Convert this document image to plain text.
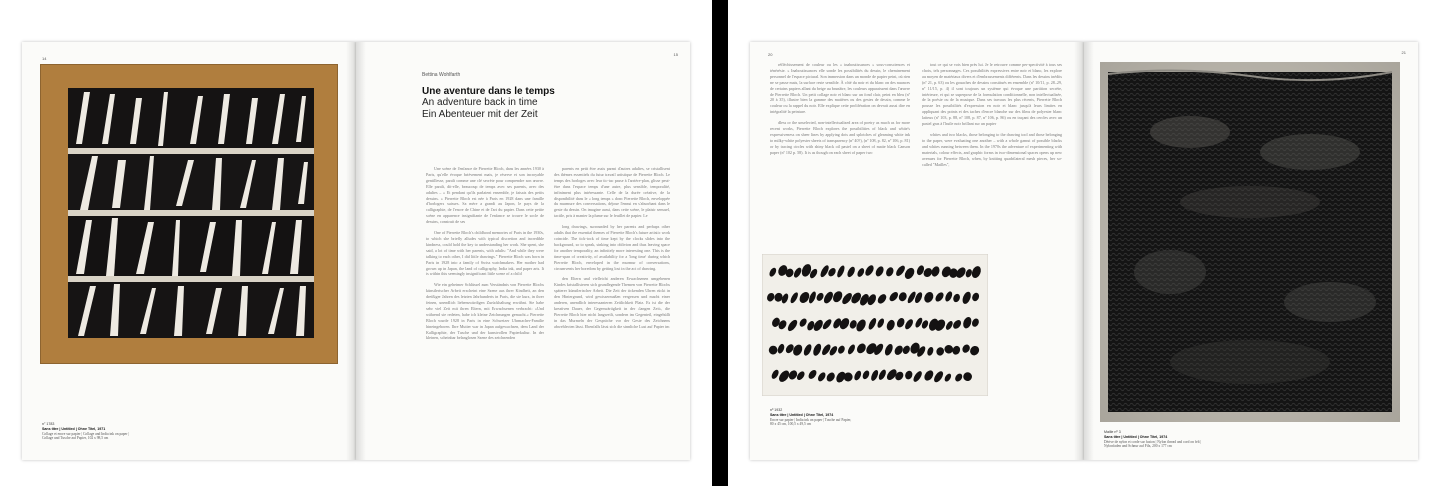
14
n° 1783
Sans titre | Untitled | Ohne Titel, 1971
Collage et encre sur papier | Collage and India ink on paper |
Collage und Tusche auf Papier, 102 x 98,5 cm
15
Bettina Wohlfarth
Une aventure dans le temps
An adventure back in time
Ein Abenteuer mit der Zeit

Une scène de l'enfance de Pierrette Bloch, dans les années 1930 à Paris, qu'elle évoque brièvement mais, je réserve et son incroyable gentillesse, paraît comme une clé secrète pour comprendre son œuvre. Elle paraît, dit-elle, beaucoup de temps avec ses parents, avec des adultes – « Et pendant qu'ils parlaient ensemble, je faisais des petits dessins. » Pierrette Bloch est née à Paris en 1928 dans une famille d'horlogers suisses. Sa mère a grandi au Japon, le pays de la calligraphie, de l'encre de Chine et de l'art du papier. Dans cette petite scène en apparence insignifiante de l'enfance se trouve le socle de dessins, construit de ses

One of Pierrette Bloch's childhood memories of Paris in the 1930s, to which she briefly alludes with typical discretion and incredible kindness, could hold the key to understanding her work. She spent, she said, a lot of time with her parents, with adults: "And while they were talking to each other, I did little drawings." Pierrette Bloch was born in Paris in 1928 into a family of Swiss watchmakers. Her mother had grown up in Japan, the land of calligraphy, India ink, and paper arts. It is within this seemingly insignificant little scene of a child

Wie ein geheimer Schlüssel zum Verständnis von Pierrette Blochs künstlerischer Arbeit erscheint eine Szene aus ihrer Kindheit, an den dreißiger Jahren des letzten Jahrhunderts in Paris, die sie kurz, in ihrer feinen, unendlich liebenswürdigen Zurückhaltung erwähnt. Sie habe sehr viel Zeit mit ihren Eltern, mit Erwachsenen verbracht: »Und während sie redeten, habe ich kleine Zeichnungen gemacht.« Pierrette Bloch wurde 1928 in Paris in eine Schweizer Uhrmacher-Familie hineingeboren. Ihre Mutter war in Japan aufgewachsen, dem Land der Kalligraphie, der Tusche und der kunstvollen Papierkultur. In der kleinen, scheinbar belanglosen Szene des zeichnenden

parents en petit être assis parmi d'autres adultes, se cristallisent des thèmes essentiels du futur travail artistique de Pierrette Bloch. Le temps des horloges avec leur tic-tac passe à l'arrière-plan, glisse peut-être dans l'espace temps d'une autre, plus sensible, temporalité, infiniment plus intéressante. Celle de la durée créative, de la disponibilité dans le « long temps » donc Pierrette Bloch, enveloppée du murmure des conversations, déjoue l'ennui en s'absorbant dans le geste du dessin. On imagine aussi, dans cette scène, le plaisir sensuel, tactile, pris à manier la plume sur le feuillet de papier. Le

long drawings, surrounded by her parents and perhaps other adults that the essential themes of Pierrette Bloch's future artistic work coincide. The tick-tock of time kept by the clocks slides into the background, so to speak, sinking into oblivion and thus leaving space for another temporality, an infinitely more interesting one. This is the time-span of creativity, of availability for a 'long time' during which Pierrette Bloch, enveloped in the murmur of conversations, circumvents her boredom by getting lost in the act of drawing.

den Eltern und vielleicht anderen Erwachsenen umgebenen Kindes kristallisieren sich grundlegende Themen von Pierrette Blochs späterer künstlerischer Arbeit. Die Zeit der tickenden Uhren rückt in den Hintergrund, wird gewissermaßen vergessen und macht einer anderen, unendlich interessanteren Zeitlichkeit Platz. Es ist die der kreativen Dauer, der Gegenwärtigkeit in der ›langen Zeit‹, die Pierrette Bloch hier nicht langweilt, sondern im Gegenteil, eingehüllt in das Murmeln der Gespräche vor der Geste des Zeichnens abwehlecten lässt. Ebenfalls lässt sich die sinnliche Lust auf Papier im

20

réfléchissement de couleur ou les « inaboutissances » sous-consciences et ténérésie. » Inaboutissances elle sonde les possibilités du dessin, le cheminement personnel de l'espace pictural. Son immersion dans un monde de papier peint, où rien ne se passe mais, la surface reste sensible. À côté du noir et du blanc on des nuances de certains papiers allant du beige au brunâtre, les couleurs apparaissent dans l'œuvre de Pierrette Bloch. Un petit collage noir et blanc sur un fond clair, peint en bleu (nº 20 à 35), illustre bien la gamme des matières ou des gestes de dessin, comme le couleur ou la rappel du noir. Elle explique cette prolifération on devrait aussi dire en intégralité la peinture.

dless or the unselected, non-intellectualized area of poetry as much as for more recent works, Pierrette Bloch explores the possibilities of black and white's expressiveness on sheer lines by applying dots and splotches of gleaming white ink to milky-white polyester sheets of transparency (nº 40?), (nº 108, p. 82, nº 106, p. 81) or by tracing circles with shiny black oil pastel on a sheet of matte black Canson paper (nº 102 p. 58). It is as though on each sheet of paper two

tout ce qui se vois bien près lui. Je le retrouve comme per-spectivité à tous ses choix, tels personnages. Ces possibilités expressives entre noir et blanc, les explore au moyen de matériaux divers et d'embrassements différents. Dans les dessins inédits (nº 21, p. 63) ou les gouaches de dessins constitués en ensemble (nº 10/11, p. 28–29, nº 11/15, p. 4) il sont toujours un système qui évoque une partition secrète, intérieure, et qui se superpose de la formulation conditionnelle, non intellectualisée, de la poésie ou de la musique. Dans ses travaux les plus récents, Pierrette Bloch pousse les possibilités d'expression en noir et blanc jusqu'à leurs limites en appliquant des points et des taches d'encre blanche sur des films de polyester blanc laiteux (nº 103, p. 88, nº 108, p. 87, nº 106, p. 86) ou en traçant des cercles avec un pastel gras à l'huile noir brillant sur un papier

whites and two blacks, those belonging to the drawing tool and those belonging to the paper, were evaluating one another – with a whole gamut of possible blacks and whites running between them. In the 1970s the adventure of experimenting with materials, colour effects, and graphic forms in two-dimensional spaces opens up new avenues for Pierrette Bloch, when, by knitting quadrilateral mesh pieces, her so-called "Mailles",

nº 1932
Sans titre | Untitled | Ohne Titel, 1974
Encre sur papier | India ink on paper | Tusche auf Papier,
80 x 45 cm, 100,5 x 49,5 cm
21
Maille nº 3
Sans titre | Untitled | Ohne Titel, 1974
Dérive de nylon et corde sur fusion | Nylon thread and cord on felt |
Nylonfaden und Schnur auf Filz, 200 x 177 cm
